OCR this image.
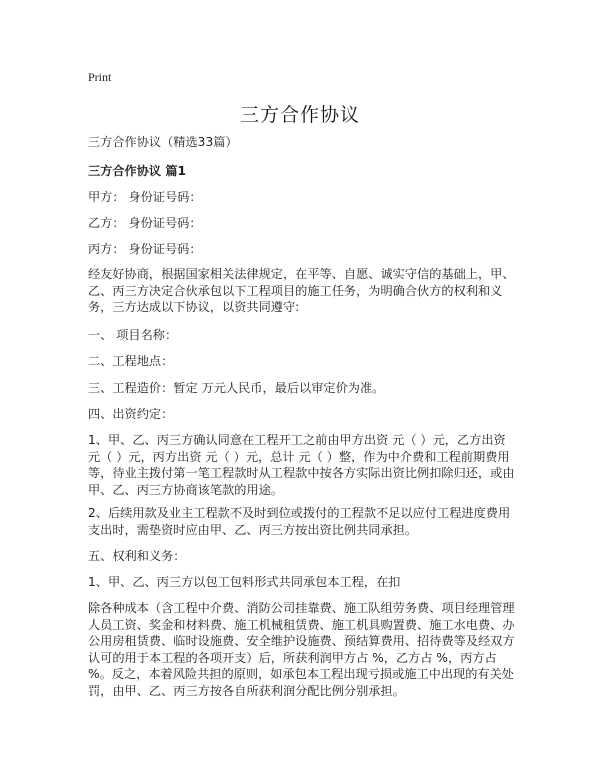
Print
三方合作协议

三方合作协议（精选33篇）

三方合作协议 篇1

甲方： 身份证号码：

乙方： 身份证号码：

丙方： 身份证号码：

经友好协商，根据国家相关法律规定，在平等、自愿、诚实守信的基础上，甲、乙、丙三方决定合伙承包以下工程项目的施工任务，为明确合伙方的权利和义务，三方达成以下协议，以资共同遵守:

一、 项目名称：

二、工程地点：

三、工程造价：暂定 万元人民币，最后以审定价为准。

四、出资约定：

1、甲、乙、丙三方确认同意在工程开工之前由甲方出资 元（ ）元，乙方出资 元（ ）元，丙方出资 元（ ）元，总计 元（ ）整，作为中介费和工程前期费用等，待业主拨付第一笔工程款时从工程款中按各方实际出资比例扣除归还，或由甲、乙、丙三方协商该笔款的用途。

2、后续用款及业主工程款不及时到位或拨付的工程款不足以应付工程进度费用支出时，需垫资时应由甲、乙、丙三方按出资比例共同承担。

五、权利和义务：

1、甲、乙、丙三方以包工包料形式共同承包本工程，在扣

除各种成本（含工程中介费、消防公司挂靠费、施工队组劳务费、项目经理管理人员工资、奖金和材料费、施工机械租赁费、施工机具购置费、施工水电费、办公用房租赁费、临时设施费、安全维护设施费、预结算费用、招待费等及经双方认可的用于本工程的各项开支）后，所获利润甲方占 %，乙方占 %，丙方占 %。反之，本着风险共担的原则，如承包本工程出现亏损或施工中出现的有关处罚，由甲、乙、丙三方按各自所获利润分配比例分别承担。
